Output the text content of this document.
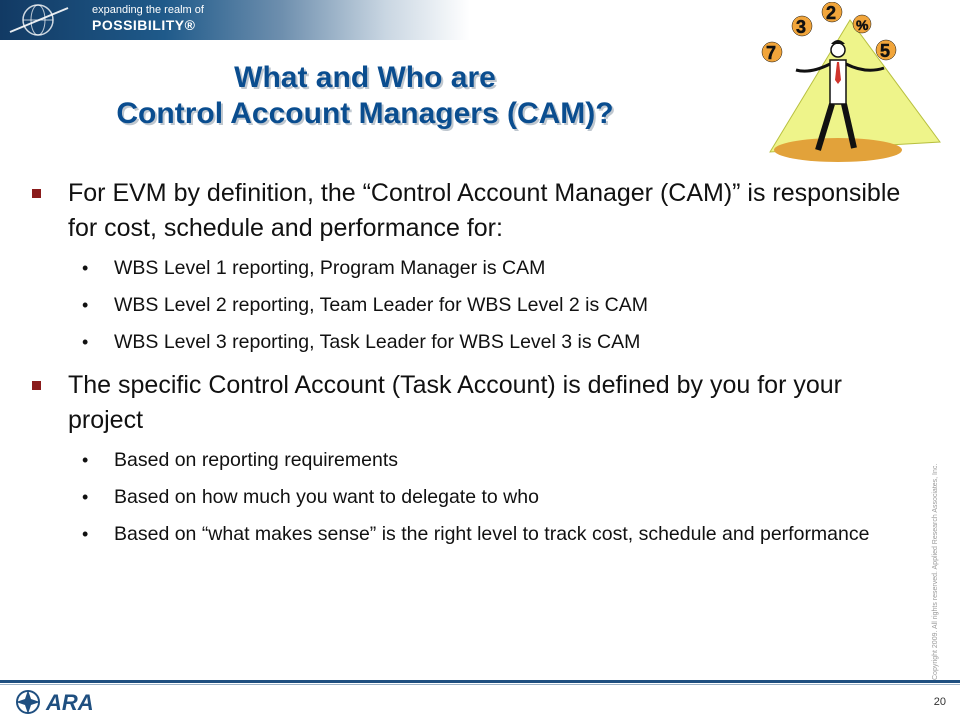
expanding the realm of
POSSIBILITY®
What and Who are
Control Account Managers (CAM)?
3
2
%
5
7
For EVM by definition, the “Control Account Manager (CAM)” is responsible for cost, schedule and performance for:
• WBS Level 1 reporting, Program Manager is CAM
• WBS Level 2 reporting, Team Leader for WBS Level 2 is CAM
• WBS Level 3 reporting, Task Leader for WBS Level 3 is CAM
The specific Control Account (Task Account) is defined by you for your project
• Based on reporting requirements
• Based on how much you want to delegate to who
• Based on “what makes sense” is the right level to track cost, schedule and performance	Copyright 2009. All rights reserved. Applied Research Associates, Inc.
ARA	20
